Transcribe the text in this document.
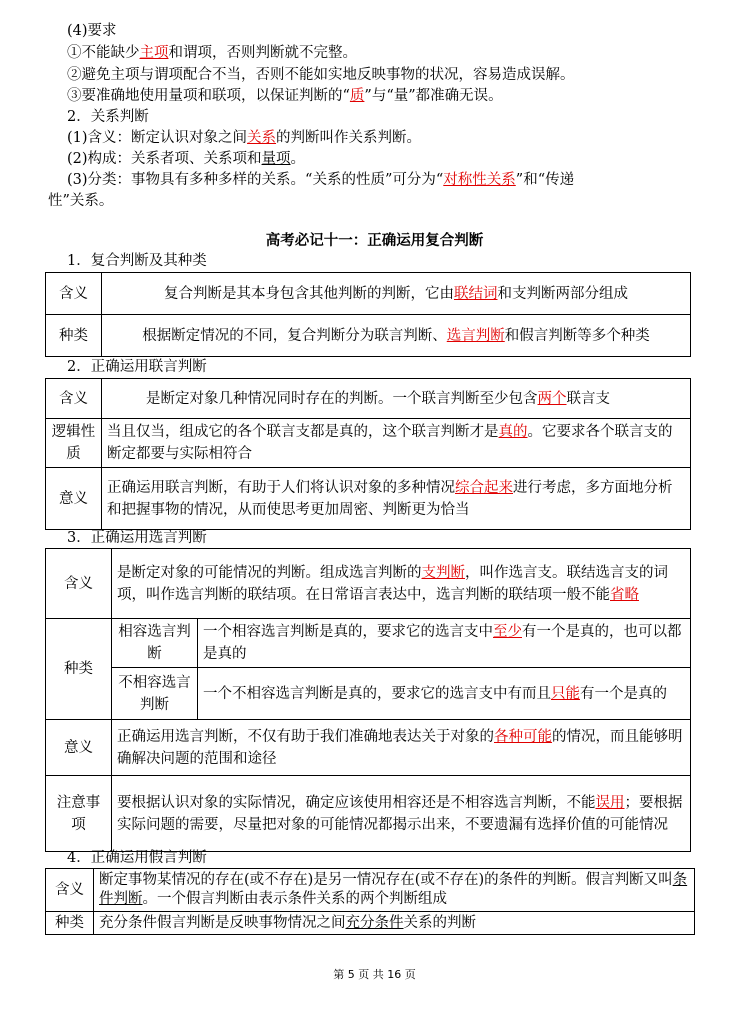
(4)要求
①不能缺少主项和谓项，否则判断就不完整。
②避免主项与谓项配合不当，否则不能如实地反映事物的状况，容易造成误解。
③要准确地使用量项和联项，以保证判断的“质”与“量”都准确无误。
2．关系判断
(1)含义：断定认识对象之间关系的判断叫作关系判断。
(2)构成：关系者项、关系项和量项。
(3)分类：事物具有多种多样的关系。“关系的性质”可分为“对称性关系”和“传递
性”关系。
高考必记十一：正确运用复合判断
1．复合判断及其种类
含义	复合判断是其本身包含其他判断的判断，它由联结词和支判断两部分组成
种类	根据断定情况的不同，复合判断分为联言判断、选言判断和假言判断等多个种类
2．正确运用联言判断
含义	是断定对象几种情况同时存在的判断。一个联言判断至少包含两个联言支
逻辑性质	当且仅当，组成它的各个联言支都是真的，这个联言判断才是真的。它要求各个联言支的断定都要与实际相符合
意义	正确运用联言判断，有助于人们将认识对象的多种情况综合起来进行考虑，多方面地分析和把握事物的情况，从而使思考更加周密、判断更为恰当
3．正确运用选言判断
含义	是断定对象的可能情况的判断。组成选言判断的支判断，叫作选言支。联结选言支的词项，叫作选言判断的联结项。在日常语言表达中，选言判断的联结项一般不能省略	
种类	相容选言判断	一个相容选言判断是真的，要求它的选言支中至少有一个是真的，也可以都是真的
	不相容选言判断	一个不相容选言判断是真的，要求它的选言支中有而且只能有一个是真的
意义	正确运用选言判断，不仅有助于我们准确地表达关于对象的各种可能的情况，而且能够明确解决问题的范围和途径	
注意事项	要根据认识对象的实际情况，确定应该使用相容还是不相容选言判断，不能误用；要根据实际问题的需要，尽量把对象的可能情况都揭示出来，不要遗漏有选择价值的可能情况	
4．正确运用假言判断
含义	断定事物某情况的存在(或不存在)是另一情况存在(或不存在)的条件的判断。假言判断又叫条件判断。一个假言判断由表示条件关系的两个判断组成
种类	充分条件假言判断是反映事物情况之间充分条件关系的判断
第 5 页 共 16 页
